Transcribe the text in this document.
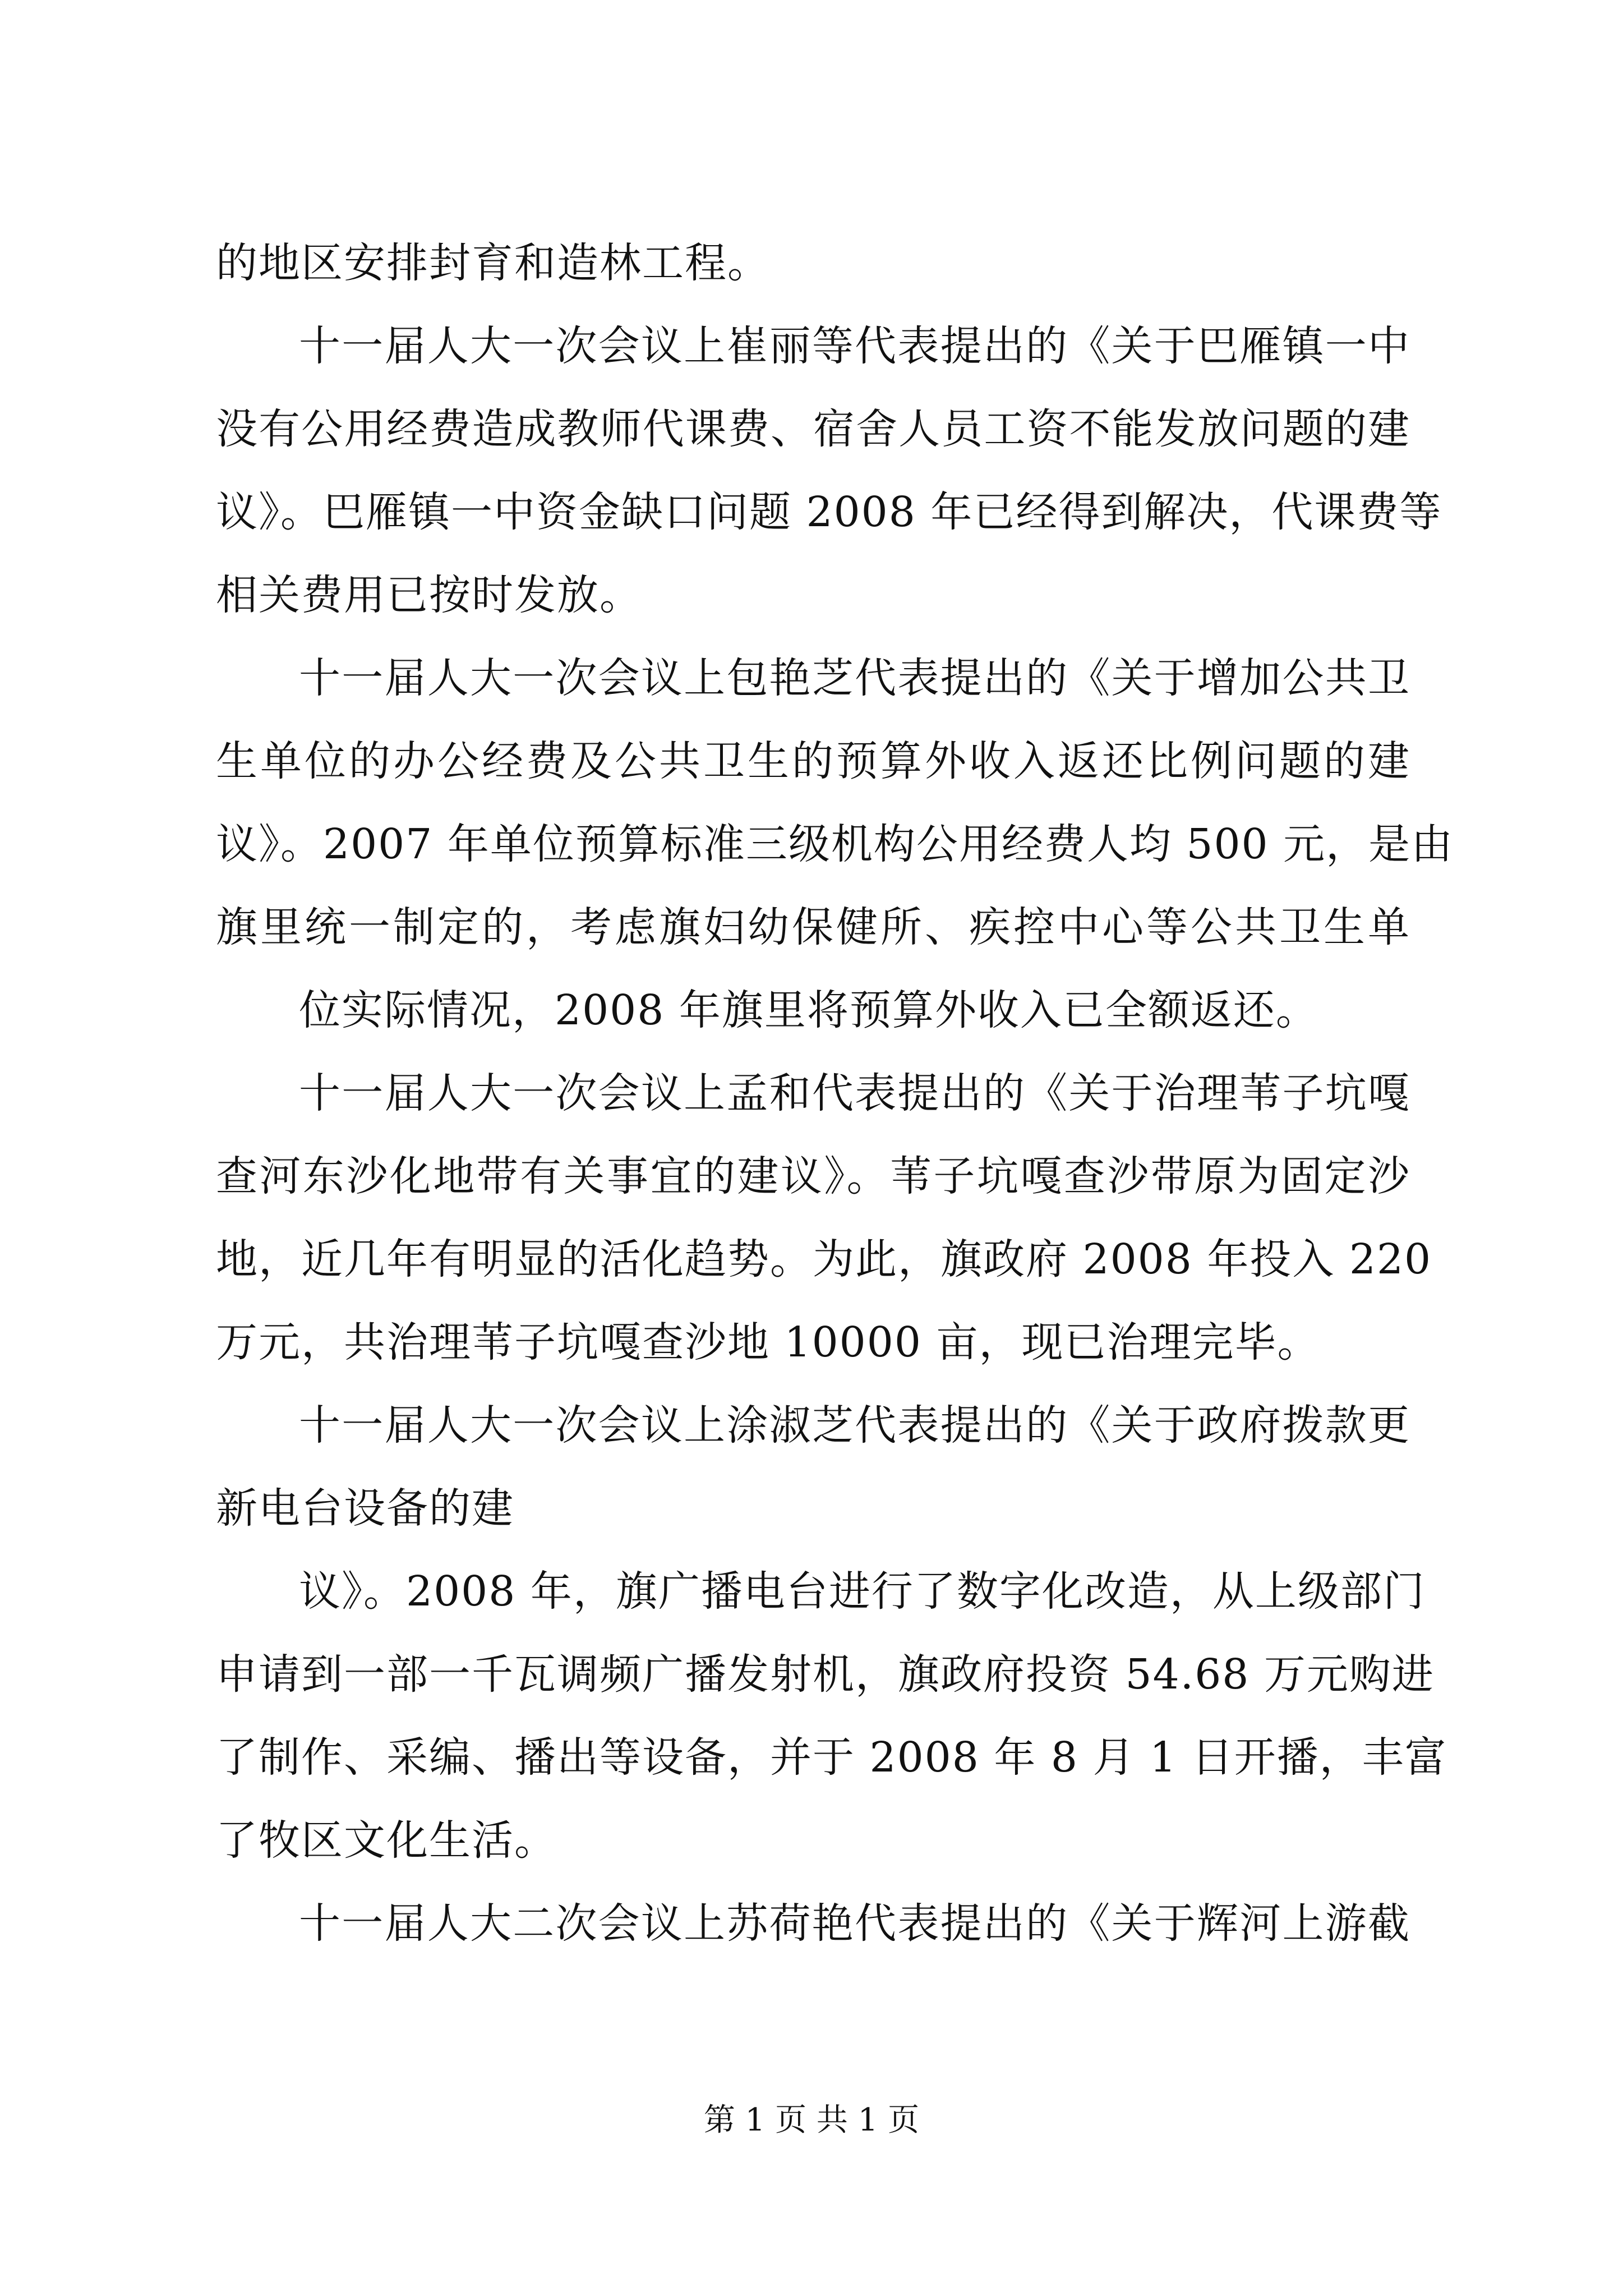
的地区安排封育和造林工程。
十一届人大一次会议上崔丽等代表提出的《关于巴雁镇一中
没有公用经费造成教师代课费、宿舍人员工资不能发放问题的建
议》。巴雁镇一中资金缺口问题 2008 年已经得到解决，代课费等
相关费用已按时发放。
十一届人大一次会议上包艳芝代表提出的《关于增加公共卫
生单位的办公经费及公共卫生的预算外收入返还比例问题的建
议》。2007 年单位预算标准三级机构公用经费人均 500 元，是由
旗里统一制定的，考虑旗妇幼保健所、疾控中心等公共卫生单
位实际情况，2008 年旗里将预算外收入已全额返还。
十一届人大一次会议上孟和代表提出的《关于治理苇子坑嘎
查河东沙化地带有关事宜的建议》。苇子坑嘎查沙带原为固定沙
地，近几年有明显的活化趋势。为此，旗政府 2008 年投入 220
万元，共治理苇子坑嘎查沙地 10000 亩，现已治理完毕。
十一届人大一次会议上涂淑芝代表提出的《关于政府拨款更
新电台设备的建
议》。2008 年，旗广播电台进行了数字化改造，从上级部门
申请到一部一千瓦调频广播发射机，旗政府投资 54.68 万元购进
了制作、采编、播出等设备，并于 2008 年 8 月 1 日开播，丰富
了牧区文化生活。
十一届人大二次会议上苏荷艳代表提出的《关于辉河上游截
第 1 页 共 1 页
